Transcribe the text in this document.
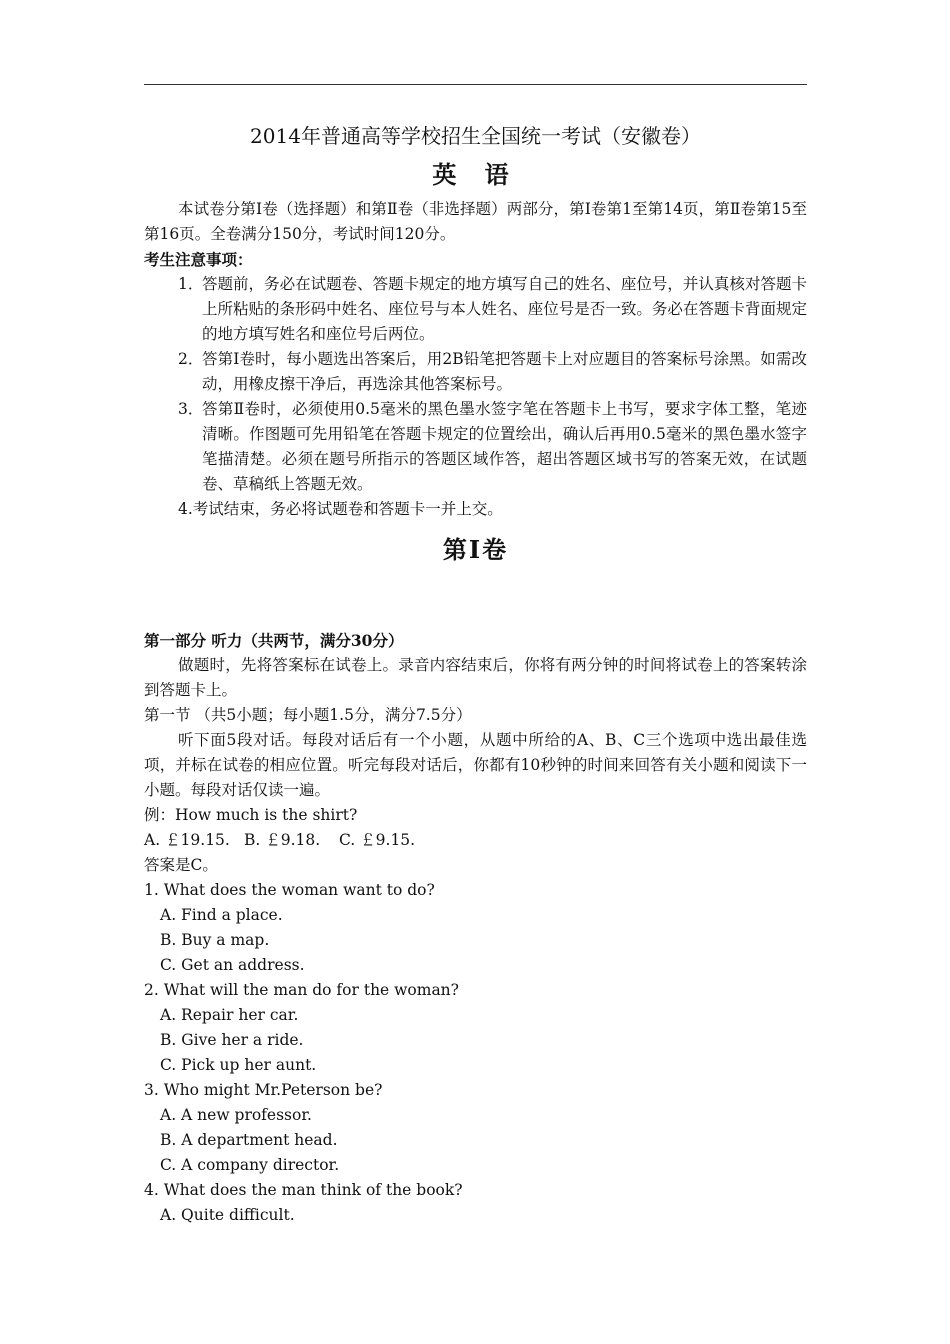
2014年普通高等学校招生全国统一考试（安徽卷）
英 语
本试卷分第Ⅰ卷（选择题）和第Ⅱ卷（非选择题）两部分，第Ⅰ卷第1至第14页，第Ⅱ卷第15至第16页。全卷满分150分，考试时间120分。
考生注意事项：
1．
答题前，务必在试题卷、答题卡规定的地方填写自己的姓名、座位号，并认真核对答题卡上所粘贴的条形码中姓名、座位号与本人姓名、座位号是否一致。务必在答题卡背面规定的地方填写姓名和座位号后两位。
2．
答第Ⅰ卷时，每小题选出答案后，用2B铅笔把答题卡上对应题目的答案标号涂黑。如需改动，用橡皮擦干净后，再选涂其他答案标号。
3．
答第Ⅱ卷时，必须使用0.5毫米的黑色墨水签字笔在答题卡上书写，要求字体工整，笔迹清晰。作图题可先用铅笔在答题卡规定的位置绘出，确认后再用0.5毫米的黑色墨水签字笔描清楚。必须在题号所指示的答题区域作答，超出答题区域书写的答案无效，在试题卷、草稿纸上答题无效。
4.考试结束，务必将试题卷和答题卡一并上交。
第Ⅰ卷
第一部分 听力（共两节，满分30分）
做题时，先将答案标在试卷上。录音内容结束后，你将有两分钟的时间将试卷上的答案转涂到答题卡上。
第一节 （共5小题；每小题1.5分，满分7.5分）
听下面5段对话。每段对话后有一个小题，从题中所给的A、B、C三个选项中选出最佳选项，并标在试卷的相应位置。听完每段对话后，你都有10秒钟的时间来回答有关小题和阅读下一小题。每段对话仅读一遍。
例：How much is the shirt?
A. ￡19.15. B. ￡9.18. C. ￡9.15.
答案是C。
1. What does the woman want to do?
A. Find a place.
B. Buy a map.
C. Get an address.
2. What will the man do for the woman?
A. Repair her car.
B. Give her a ride.
C. Pick up her aunt.
3. Who might Mr.Peterson be?
A. A new professor.
B. A department head.
C. A company director.
4. What does the man think of the book?
A. Quite difficult.
